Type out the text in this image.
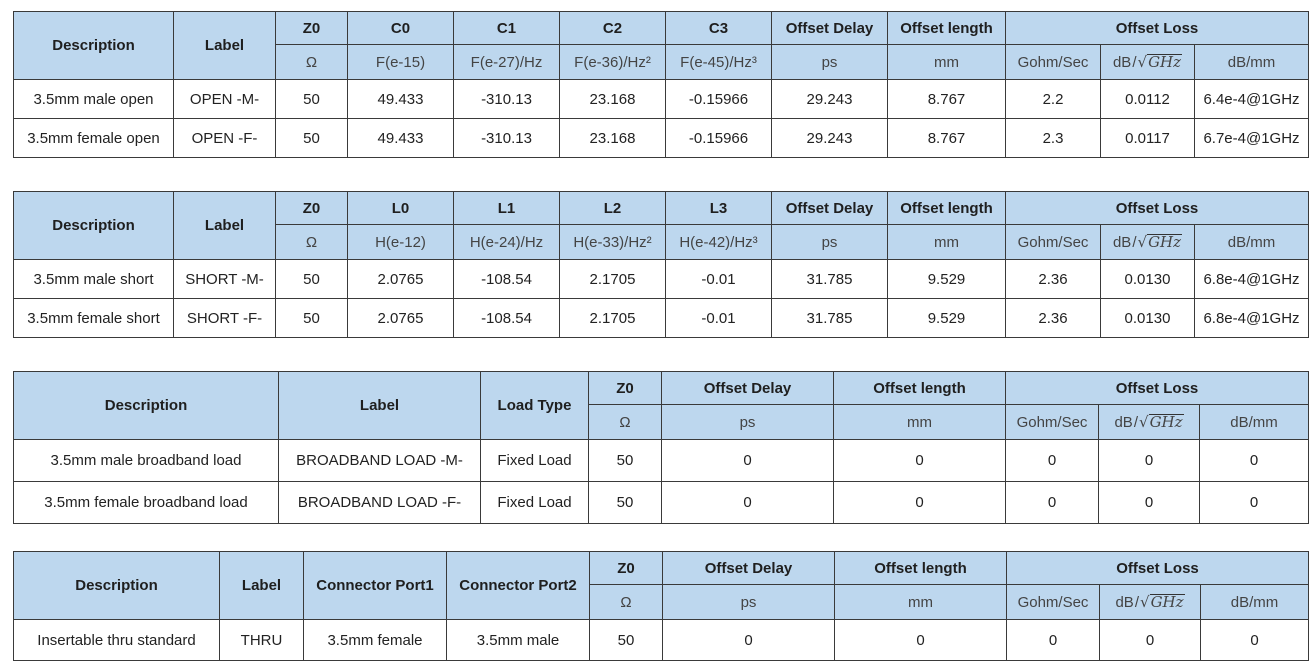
Description	Label	Z0	C0	C1	C2	C3	Offset Delay	Offset length	Offset Loss		
		Ω	F(e-15)	F(e-27)/Hz	F(e-36)/Hz²	F(e-45)/Hz³	ps	mm	Gohm/Sec	dB/√GHz	dB/mm
3.5mm male open	OPEN -M-	50	49.433	-310.13	23.168	-0.15966	29.243	8.767	2.2	0.0112	6.4e-4@1GHz
3.5mm female open	OPEN -F-	50	49.433	-310.13	23.168	-0.15966	29.243	8.767	2.3	0.0117	6.7e-4@1GHz
Description	Label	Z0	L0	L1	L2	L3	Offset Delay	Offset length	Offset Loss		
		Ω	H(e-12)	H(e-24)/Hz	H(e-33)/Hz²	H(e-42)/Hz³	ps	mm	Gohm/Sec	dB/√GHz	dB/mm
3.5mm male short	SHORT -M-	50	2.0765	-108.54	2.1705	-0.01	31.785	9.529	2.36	0.0130	6.8e-4@1GHz
3.5mm female short	SHORT -F-	50	2.0765	-108.54	2.1705	-0.01	31.785	9.529	2.36	0.0130	6.8e-4@1GHz
Description	Label	Load Type	Z0	Offset Delay	Offset length	Offset Loss		
			Ω	ps	mm	Gohm/Sec	dB/√GHz	dB/mm
3.5mm male broadband load	BROADBAND LOAD -M-	Fixed Load	50	0	0	0	0	0
3.5mm female broadband load	BROADBAND LOAD -F-	Fixed Load	50	0	0	0	0	0
Description	Label	Connector Port1	Connector Port2	Z0	Offset Delay	Offset length	Offset Loss		
				Ω	ps	mm	Gohm/Sec	dB/√GHz	dB/mm
Insertable thru standard	THRU	3.5mm female	3.5mm male	50	0	0	0	0	0
